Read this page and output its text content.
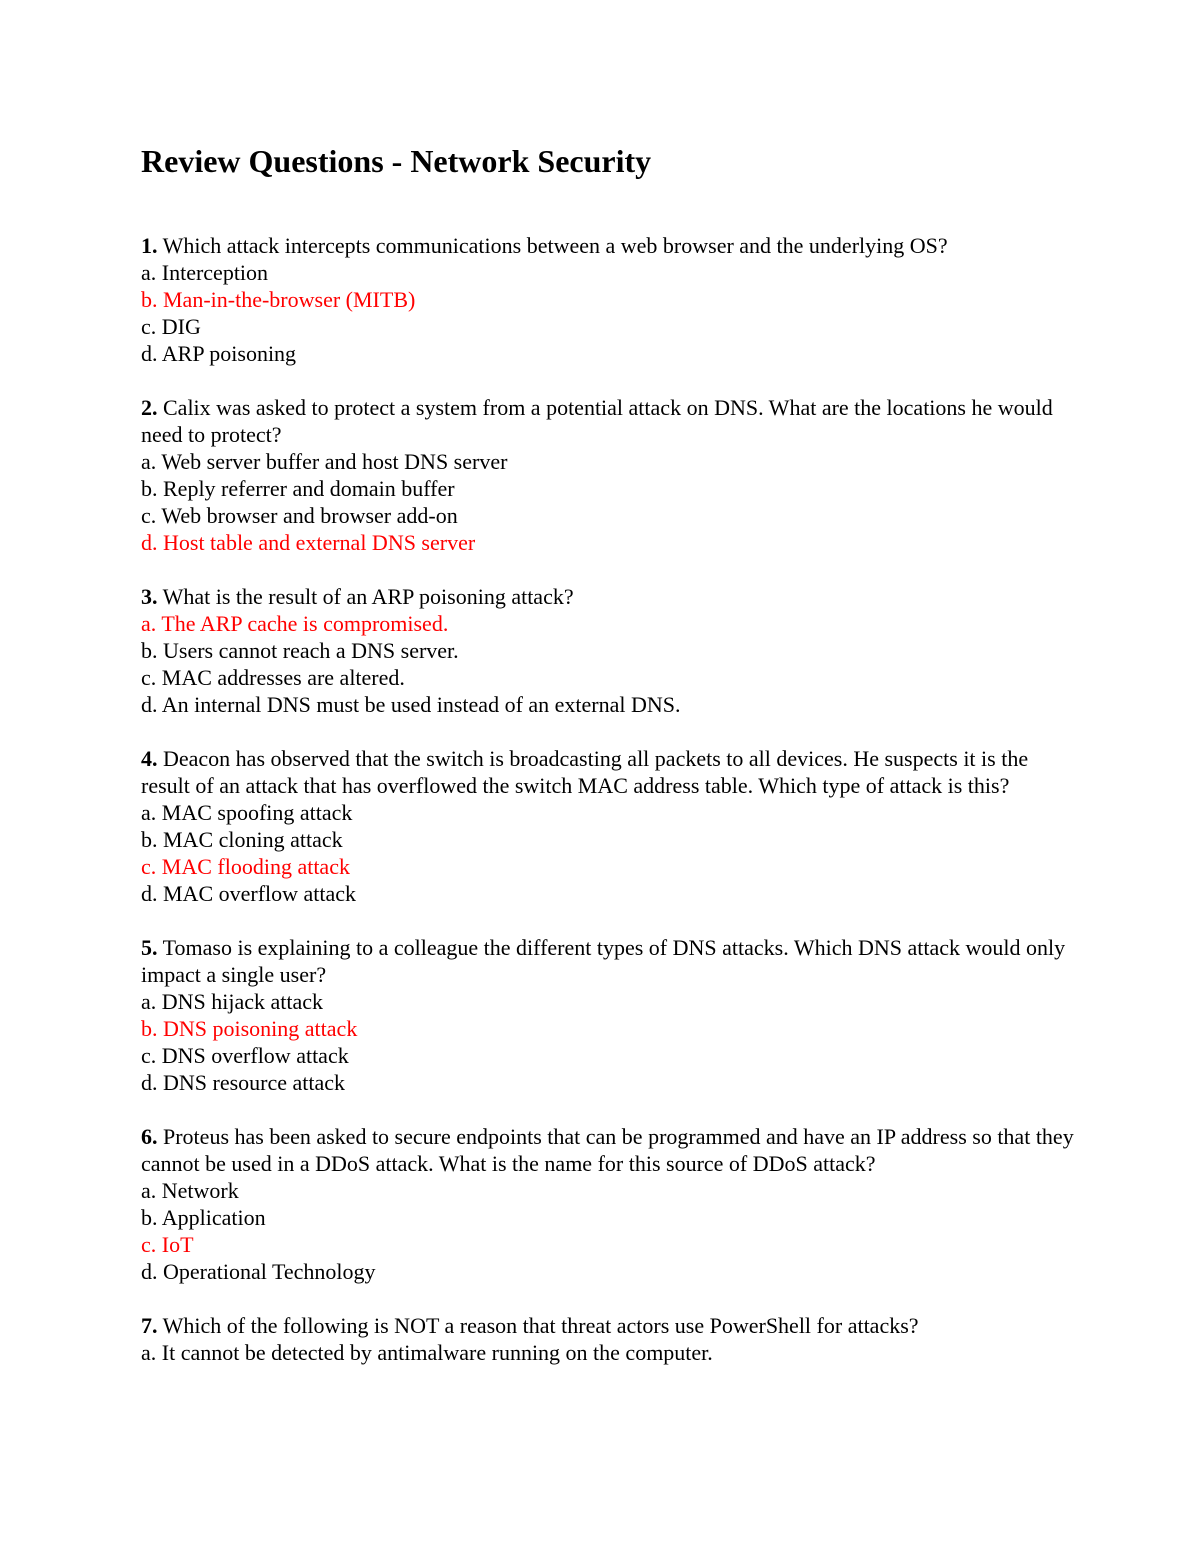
Review Questions - Network Security

1. Which attack intercepts communications between a web browser and the underlying OS?

a. Interception

b. Man-in-the-browser (MITB)

c. DIG

d. ARP poisoning

2. Calix was asked to protect a system from a potential attack on DNS. What are the locations he would need to protect?

a. Web server buffer and host DNS server

b. Reply referrer and domain buffer

c. Web browser and browser add-on

d. Host table and external DNS server

3. What is the result of an ARP poisoning attack?

a. The ARP cache is compromised.

b. Users cannot reach a DNS server.

c. MAC addresses are altered.

d. An internal DNS must be used instead of an external DNS.

4. Deacon has observed that the switch is broadcasting all packets to all devices. He suspects it is the result of an attack that has overflowed the switch MAC address table. Which type of attack is this?

a. MAC spoofing attack

b. MAC cloning attack

c. MAC flooding attack

d. MAC overflow attack

5. Tomaso is explaining to a colleague the different types of DNS attacks. Which DNS attack would only impact a single user?

a. DNS hijack attack

b. DNS poisoning attack

c. DNS overflow attack

d. DNS resource attack

6. Proteus has been asked to secure endpoints that can be programmed and have an IP address so that they cannot be used in a DDoS attack. What is the name for this source of DDoS attack?

a. Network

b. Application

c. IoT

d. Operational Technology

7. Which of the following is NOT a reason that threat actors use PowerShell for attacks?

a. It cannot be detected by antimalware running on the computer.
